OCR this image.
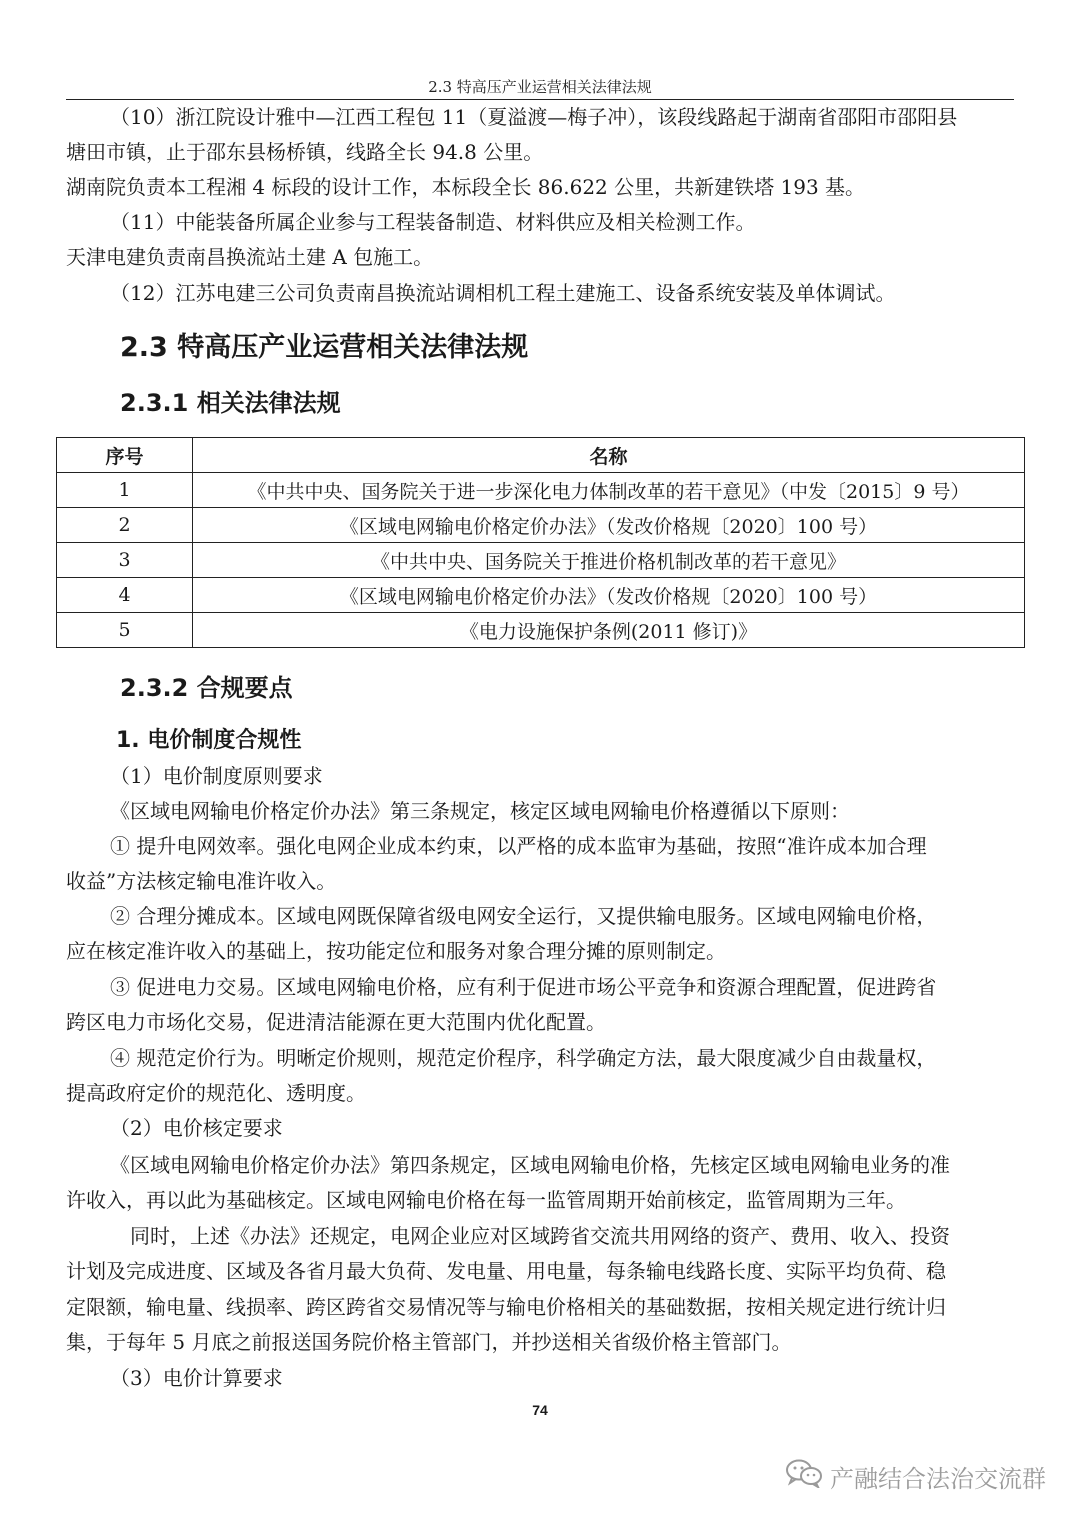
2.3 特高压产业运营相关法律法规
（10）浙江院设计雅中—江西工程包 11（夏溢渡—梅子冲），该段线路起于湖南省邵阳市邵阳县
塘田市镇，止于邵东县杨桥镇，线路全长 94.8 公里。
湖南院负责本工程湘 4 标段的设计工作，本标段全长 86.622 公里，共新建铁塔 193 基。
（11）中能装备所属企业参与工程装备制造、材料供应及相关检测工作。
天津电建负责南昌换流站土建 A 包施工。
（12）江苏电建三公司负责南昌换流站调相机工程土建施工、设备系统安装及单体调试。
2.3 特高压产业运营相关法律法规
2.3.1 相关法律法规
序号	名称
1	《中共中央、国务院关于进一步深化电力体制改革的若干意见》（中发〔2015〕9 号）
2	《区域电网输电价格定价办法》（发改价格规〔2020〕100 号）
3	《中共中央、国务院关于推进价格机制改革的若干意见》
4	《区域电网输电价格定价办法》（发改价格规〔2020〕100 号）
5	《电力设施保护条例(2011 修订)》
2.3.2 合规要点
1. 电价制度合规性
（1）电价制度原则要求
《区域电网输电价格定价办法》第三条规定，核定区域电网输电价格遵循以下原则：
① 提升电网效率。强化电网企业成本约束，以严格的成本监审为基础，按照“准许成本加合理
收益”方法核定输电准许收入。
② 合理分摊成本。区域电网既保障省级电网安全运行，又提供输电服务。区域电网输电价格，
应在核定准许收入的基础上，按功能定位和服务对象合理分摊的原则制定。
③ 促进电力交易。区域电网输电价格，应有利于促进市场公平竞争和资源合理配置，促进跨省
跨区电力市场化交易，促进清洁能源在更大范围内优化配置。
④ 规范定价行为。明晰定价规则，规范定价程序，科学确定方法，最大限度减少自由裁量权，
提高政府定价的规范化、透明度。
（2）电价核定要求
《区域电网输电价格定价办法》第四条规定，区域电网输电价格，先核定区域电网输电业务的准
许收入，再以此为基础核定。区域电网输电价格在每一监管周期开始前核定，监管周期为三年。
同时，上述《办法》还规定，电网企业应对区域跨省交流共用网络的资产、费用、收入、投资
计划及完成进度、区域及各省月最大负荷、发电量、用电量，每条输电线路长度、实际平均负荷、稳
定限额，输电量、线损率、跨区跨省交易情况等与输电价格相关的基础数据，按相关规定进行统计归
集，于每年 5 月底之前报送国务院价格主管部门，并抄送相关省级价格主管部门。
（3）电价计算要求
74
产融结合法治交流群
